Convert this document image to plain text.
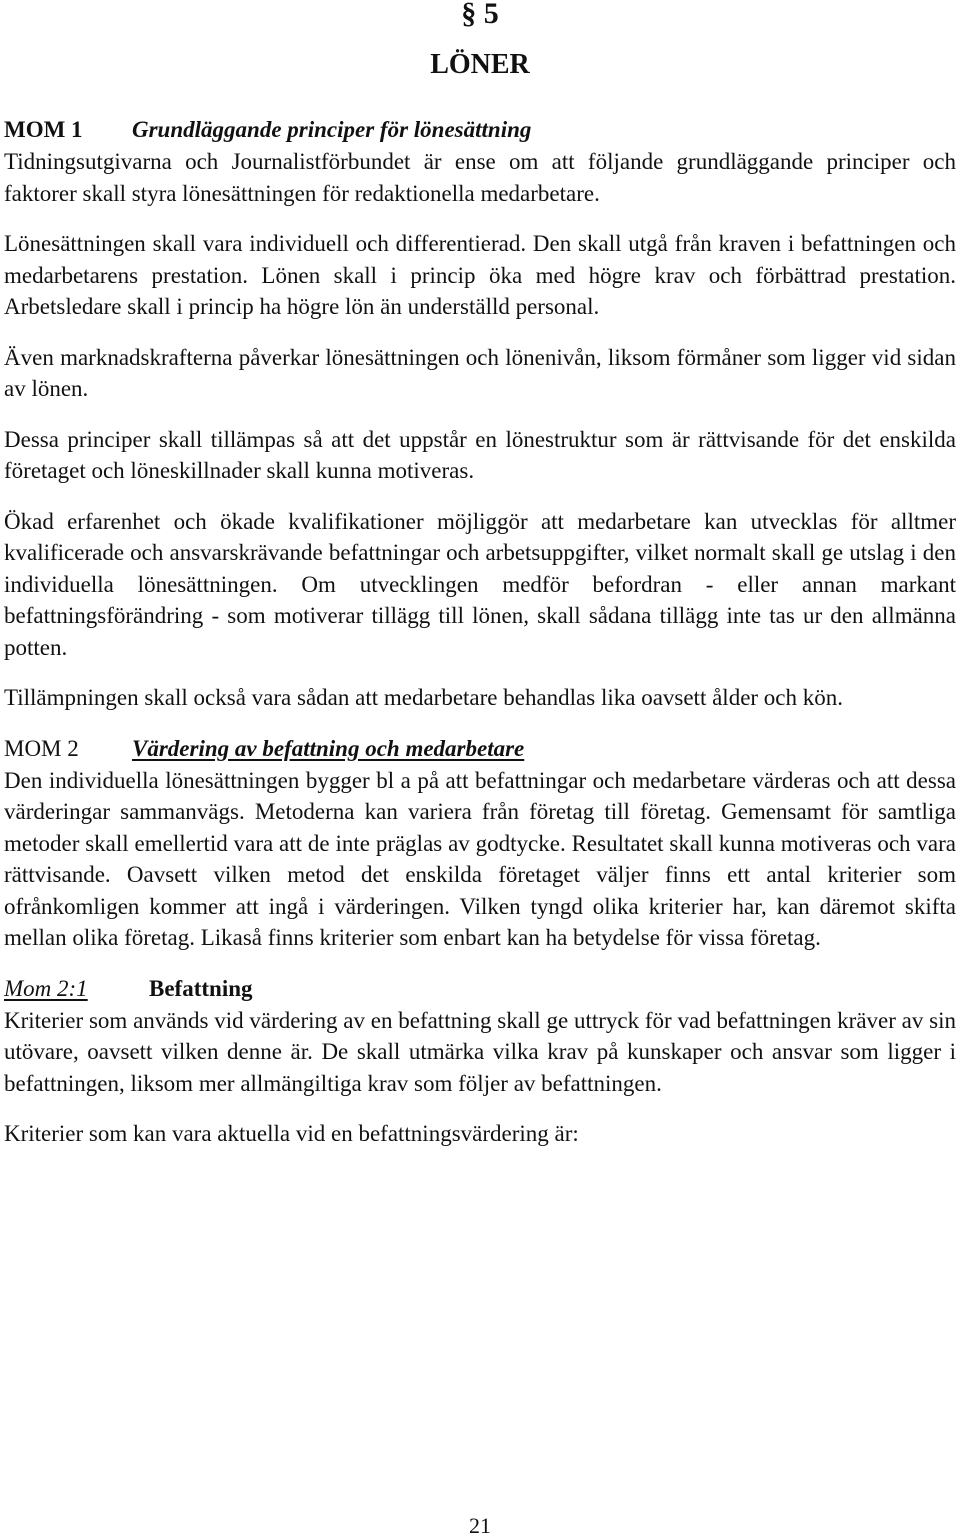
§ 5
LÖNER
MOM 1	Grundläggande principer för lönesättning

Tidningsutgivarna och Journalistförbundet är ense om att följande grundläggande principer och faktorer skall styra lönesättningen för redaktionella medarbetare.

Lönesättningen skall vara individuell och differentierad. Den skall utgå från kraven i befattningen och medarbetarens prestation. Lönen skall i princip öka med högre krav och förbättrad prestation. Arbetsledare skall i princip ha högre lön än underställd personal.

Även marknadskrafterna påverkar lönesättningen och lönenivån, liksom förmåner som ligger vid sidan av lönen.

Dessa principer skall tillämpas så att det uppstår en lönestruktur som är rättvisande för det enskilda företaget och löneskillnader skall kunna motiveras.

Ökad erfarenhet och ökade kvalifikationer möjliggör att medarbetare kan utvecklas för alltmer kvalificerade och ansvarskrävande befattningar och arbetsuppgifter, vilket normalt skall ge utslag i den individuella lönesättningen. Om utvecklingen medför befordran - eller annan markant befattningsförändring - som motiverar tillägg till lönen, skall sådana tillägg inte tas ur den allmänna potten.

Tillämpningen skall också vara sådan att medarbetare behandlas lika oavsett ålder och kön.

MOM 2	Värdering av befattning och medarbetare

Den individuella lönesättningen bygger bl a på att befattningar och medarbetare värderas och att dessa värderingar sammanvägs. Metoderna kan variera från företag till företag. Gemensamt för samtliga metoder skall emellertid vara att de inte präglas av godtycke. Resultatet skall kunna motiveras och vara rättvisande. Oavsett vilken metod det enskilda företaget väljer finns ett antal kriterier som ofrånkomligen kommer att ingå i värderingen. Vilken tyngd olika kriterier har, kan däremot skifta mellan olika företag. Likaså finns kriterier som enbart kan ha betydelse för vissa företag.

Mom 2:1	Befattning

Kriterier som används vid värdering av en befattning skall ge uttryck för vad befattningen kräver av sin utövare, oavsett vilken denne är. De skall utmärka vilka krav på kunskaper och ansvar som ligger i befattningen, liksom mer allmängiltiga krav som följer av befattningen.

Kriterier som kan vara aktuella vid en befattningsvärdering är:

21
